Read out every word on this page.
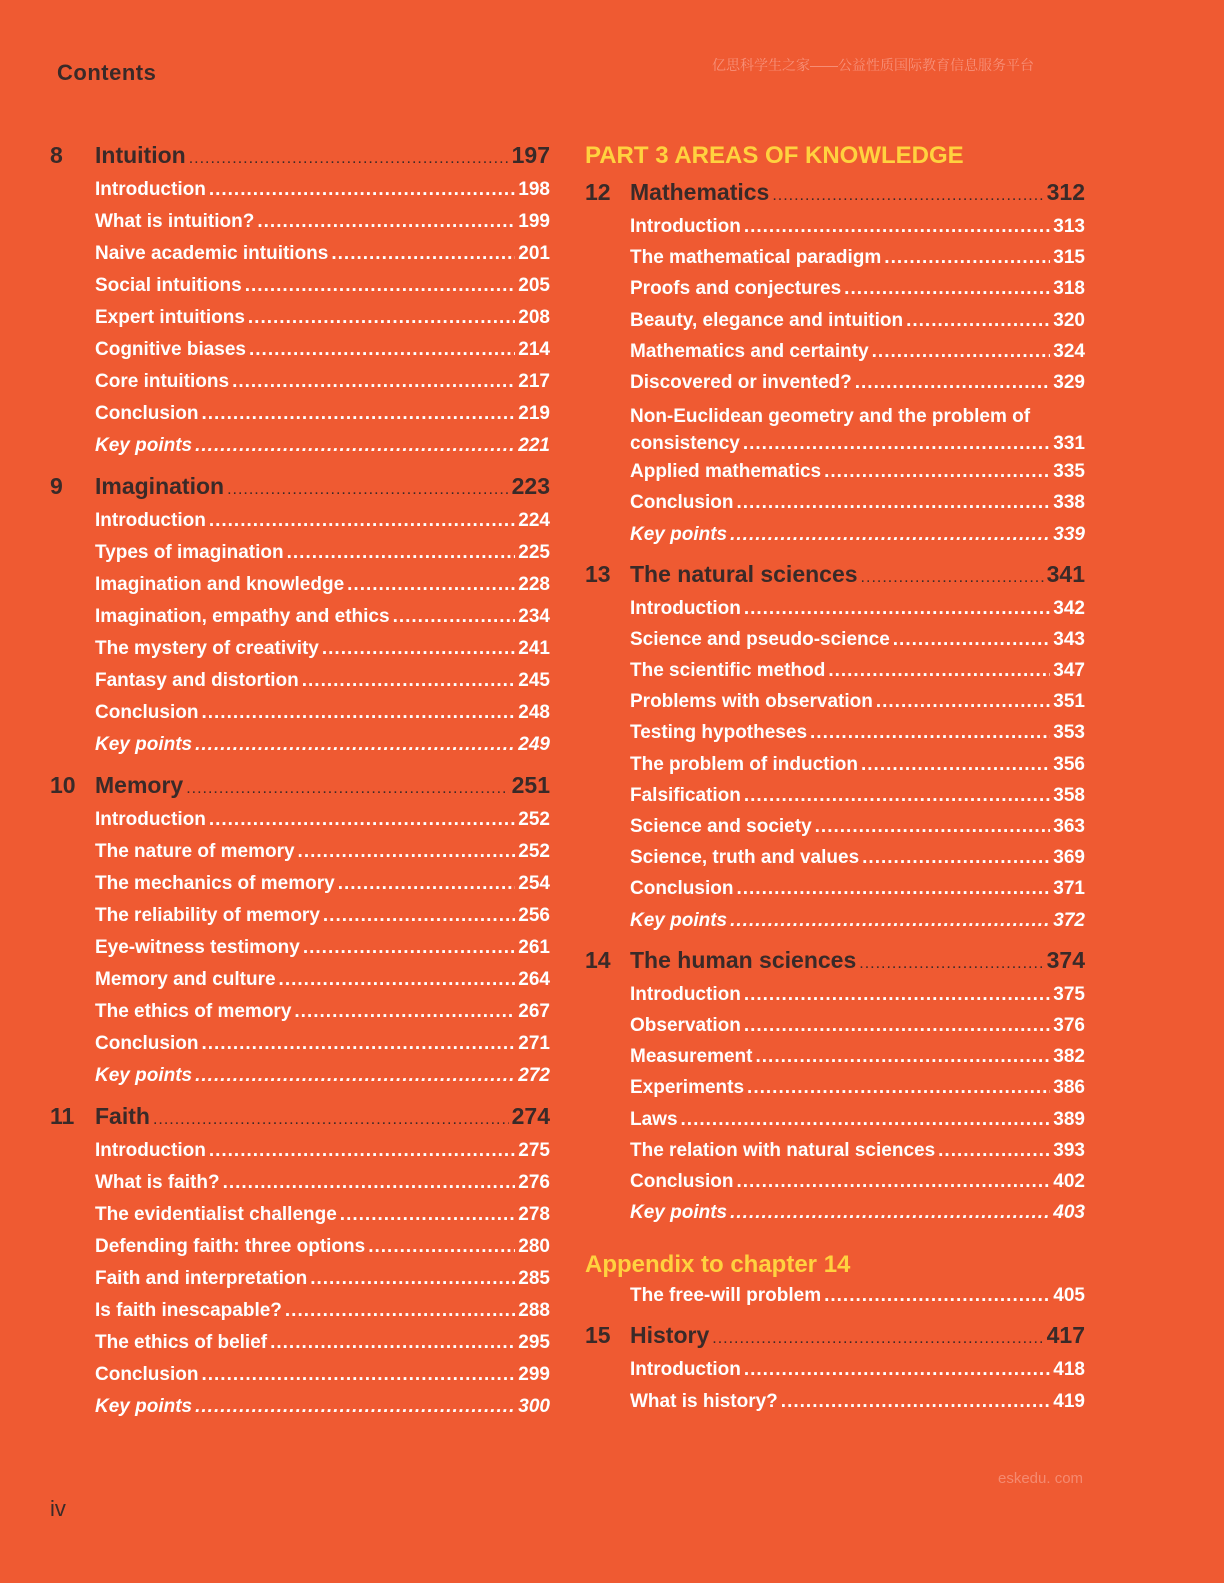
Contents	亿思科学生之家——公益性质国际教育信息服务平台
8	Intuition .....	197
Introduction .....	198
What is intuition? .....	199
Naive academic intuitions .....	201
Social intuitions .....	205
Expert intuitions .....	208
Cognitive biases .....	214
Core intuitions .....	217
Conclusion .....	219
Key points .....	221
9	Imagination .....	223
Introduction .....	224
Types of imagination .....	225
Imagination and knowledge .....	228
Imagination, empathy and ethics .....	234
The mystery of creativity .....	241
Fantasy and distortion .....	245
Conclusion .....	248
Key points .....	249
10 Memory .....	251
Introduction .....	252
The nature of memory .....	252
The mechanics of memory .....	254
The reliability of memory .....	256
Eye-witness testimony .....	261
Memory and culture .....	264
The ethics of memory .....	267
Conclusion .....	271
Key points .....	272
11 Faith .....	274
Introduction .....	275
What is faith? .....	276
The evidentialist challenge .....	278
Defending faith: three options .....	280
Faith and interpretation .....	285
Is faith inescapable? .....	288
The ethics of belief .....	295
Conclusion .....	299
Key points .....	300
PART 3 AREAS OF KNOWLEDGE
12 Mathematics .....	312
Introduction .....	313
The mathematical paradigm .....	315
Proofs and conjectures .....	318
Beauty, elegance and intuition .....	320
Mathematics and certainty .....	324
Discovered or invented? .....	329
Non-Euclidean geometry and the problem of
consistency .....	331
Applied mathematics .....	335
Conclusion .....	338
Key points .....	339
13 The natural sciences .....	341
Introduction .....	342
Science and pseudo-science .....	343
The scientific method .....	347
Problems with observation .....	351
Testing hypotheses .....	353
The problem of induction .....	356
Falsification .....	358
Science and society .....	363
Science, truth and values .....	369
Conclusion .....	371
Key points .....	372
14 The human sciences .....	374
Introduction .....	375
Observation .....	376
Measurement .....	382
Experiments .....	386
Laws .....	389
The relation with natural sciences .....	393
Conclusion .....	402
Key points .....	403
Appendix to chapter 14
The free-will problem .....	405
15 History .....	417
Introduction .....	418
What is history? .....	419
eskedu. com
iv
